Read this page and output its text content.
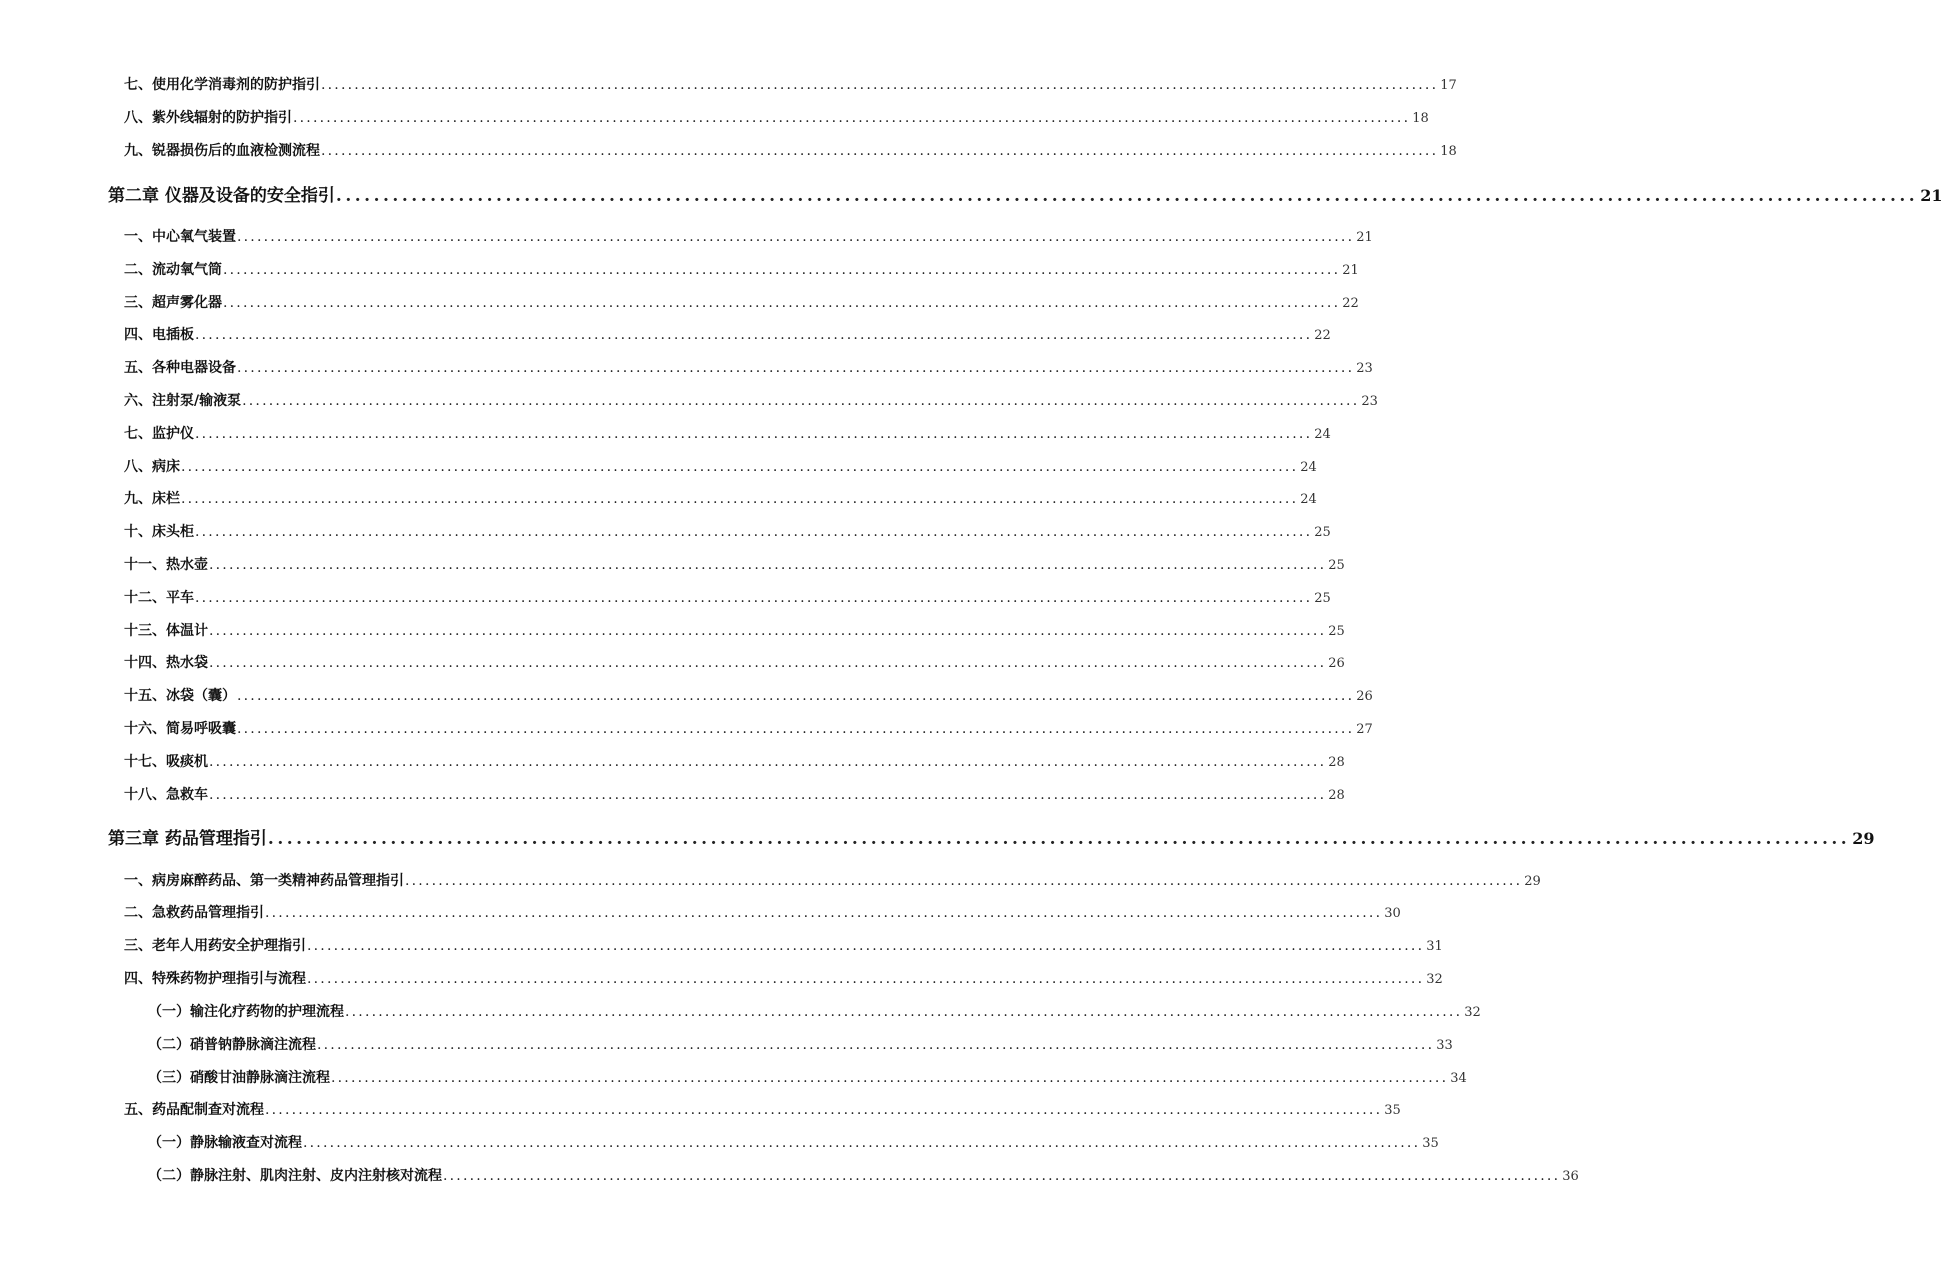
七、使用化学消毒剂的防护指引 ........................................................................................................................................................................ 17
八、紫外线辐射的防护指引 ........................................................................................................................................................................ 18
九、锐器损伤后的血液检测流程 ........................................................................................................................................................................ 18
第二章 仪器及设备的安全指引 ........................................................................................................................................................................ 21
一、中心氧气装置 ........................................................................................................................................................................ 21
二、流动氧气筒 ........................................................................................................................................................................ 21
三、超声雾化器 ........................................................................................................................................................................ 22
四、电插板 ........................................................................................................................................................................ 22
五、各种电器设备 ........................................................................................................................................................................ 23
六、注射泵/输液泵 ........................................................................................................................................................................ 23
七、监护仪 ........................................................................................................................................................................ 24
八、病床 ........................................................................................................................................................................ 24
九、床栏 ........................................................................................................................................................................ 24
十、床头柜 ........................................................................................................................................................................ 25
十一、热水壶 ........................................................................................................................................................................ 25
十二、平车 ........................................................................................................................................................................ 25
十三、体温计 ........................................................................................................................................................................ 25
十四、热水袋 ........................................................................................................................................................................ 26
十五、冰袋（囊） ........................................................................................................................................................................ 26
十六、简易呼吸囊 ........................................................................................................................................................................ 27
十七、吸痰机 ........................................................................................................................................................................ 28
十八、急救车 ........................................................................................................................................................................ 28
第三章 药品管理指引 ........................................................................................................................................................................ 29
一、病房麻醉药品、第一类精神药品管理指引 ........................................................................................................................................................................ 29
二、急救药品管理指引 ........................................................................................................................................................................ 30
三、老年人用药安全护理指引 ........................................................................................................................................................................ 31
四、特殊药物护理指引与流程 ........................................................................................................................................................................ 32
（一）输注化疗药物的护理流程 ........................................................................................................................................................................ 32
（二）硝普钠静脉滴注流程 ........................................................................................................................................................................ 33
（三）硝酸甘油静脉滴注流程 ........................................................................................................................................................................ 34
五、药品配制查对流程 ........................................................................................................................................................................ 35
（一）静脉输液查对流程 ........................................................................................................................................................................ 35
（二）静脉注射、肌肉注射、皮内注射核对流程 ........................................................................................................................................................................ 36
